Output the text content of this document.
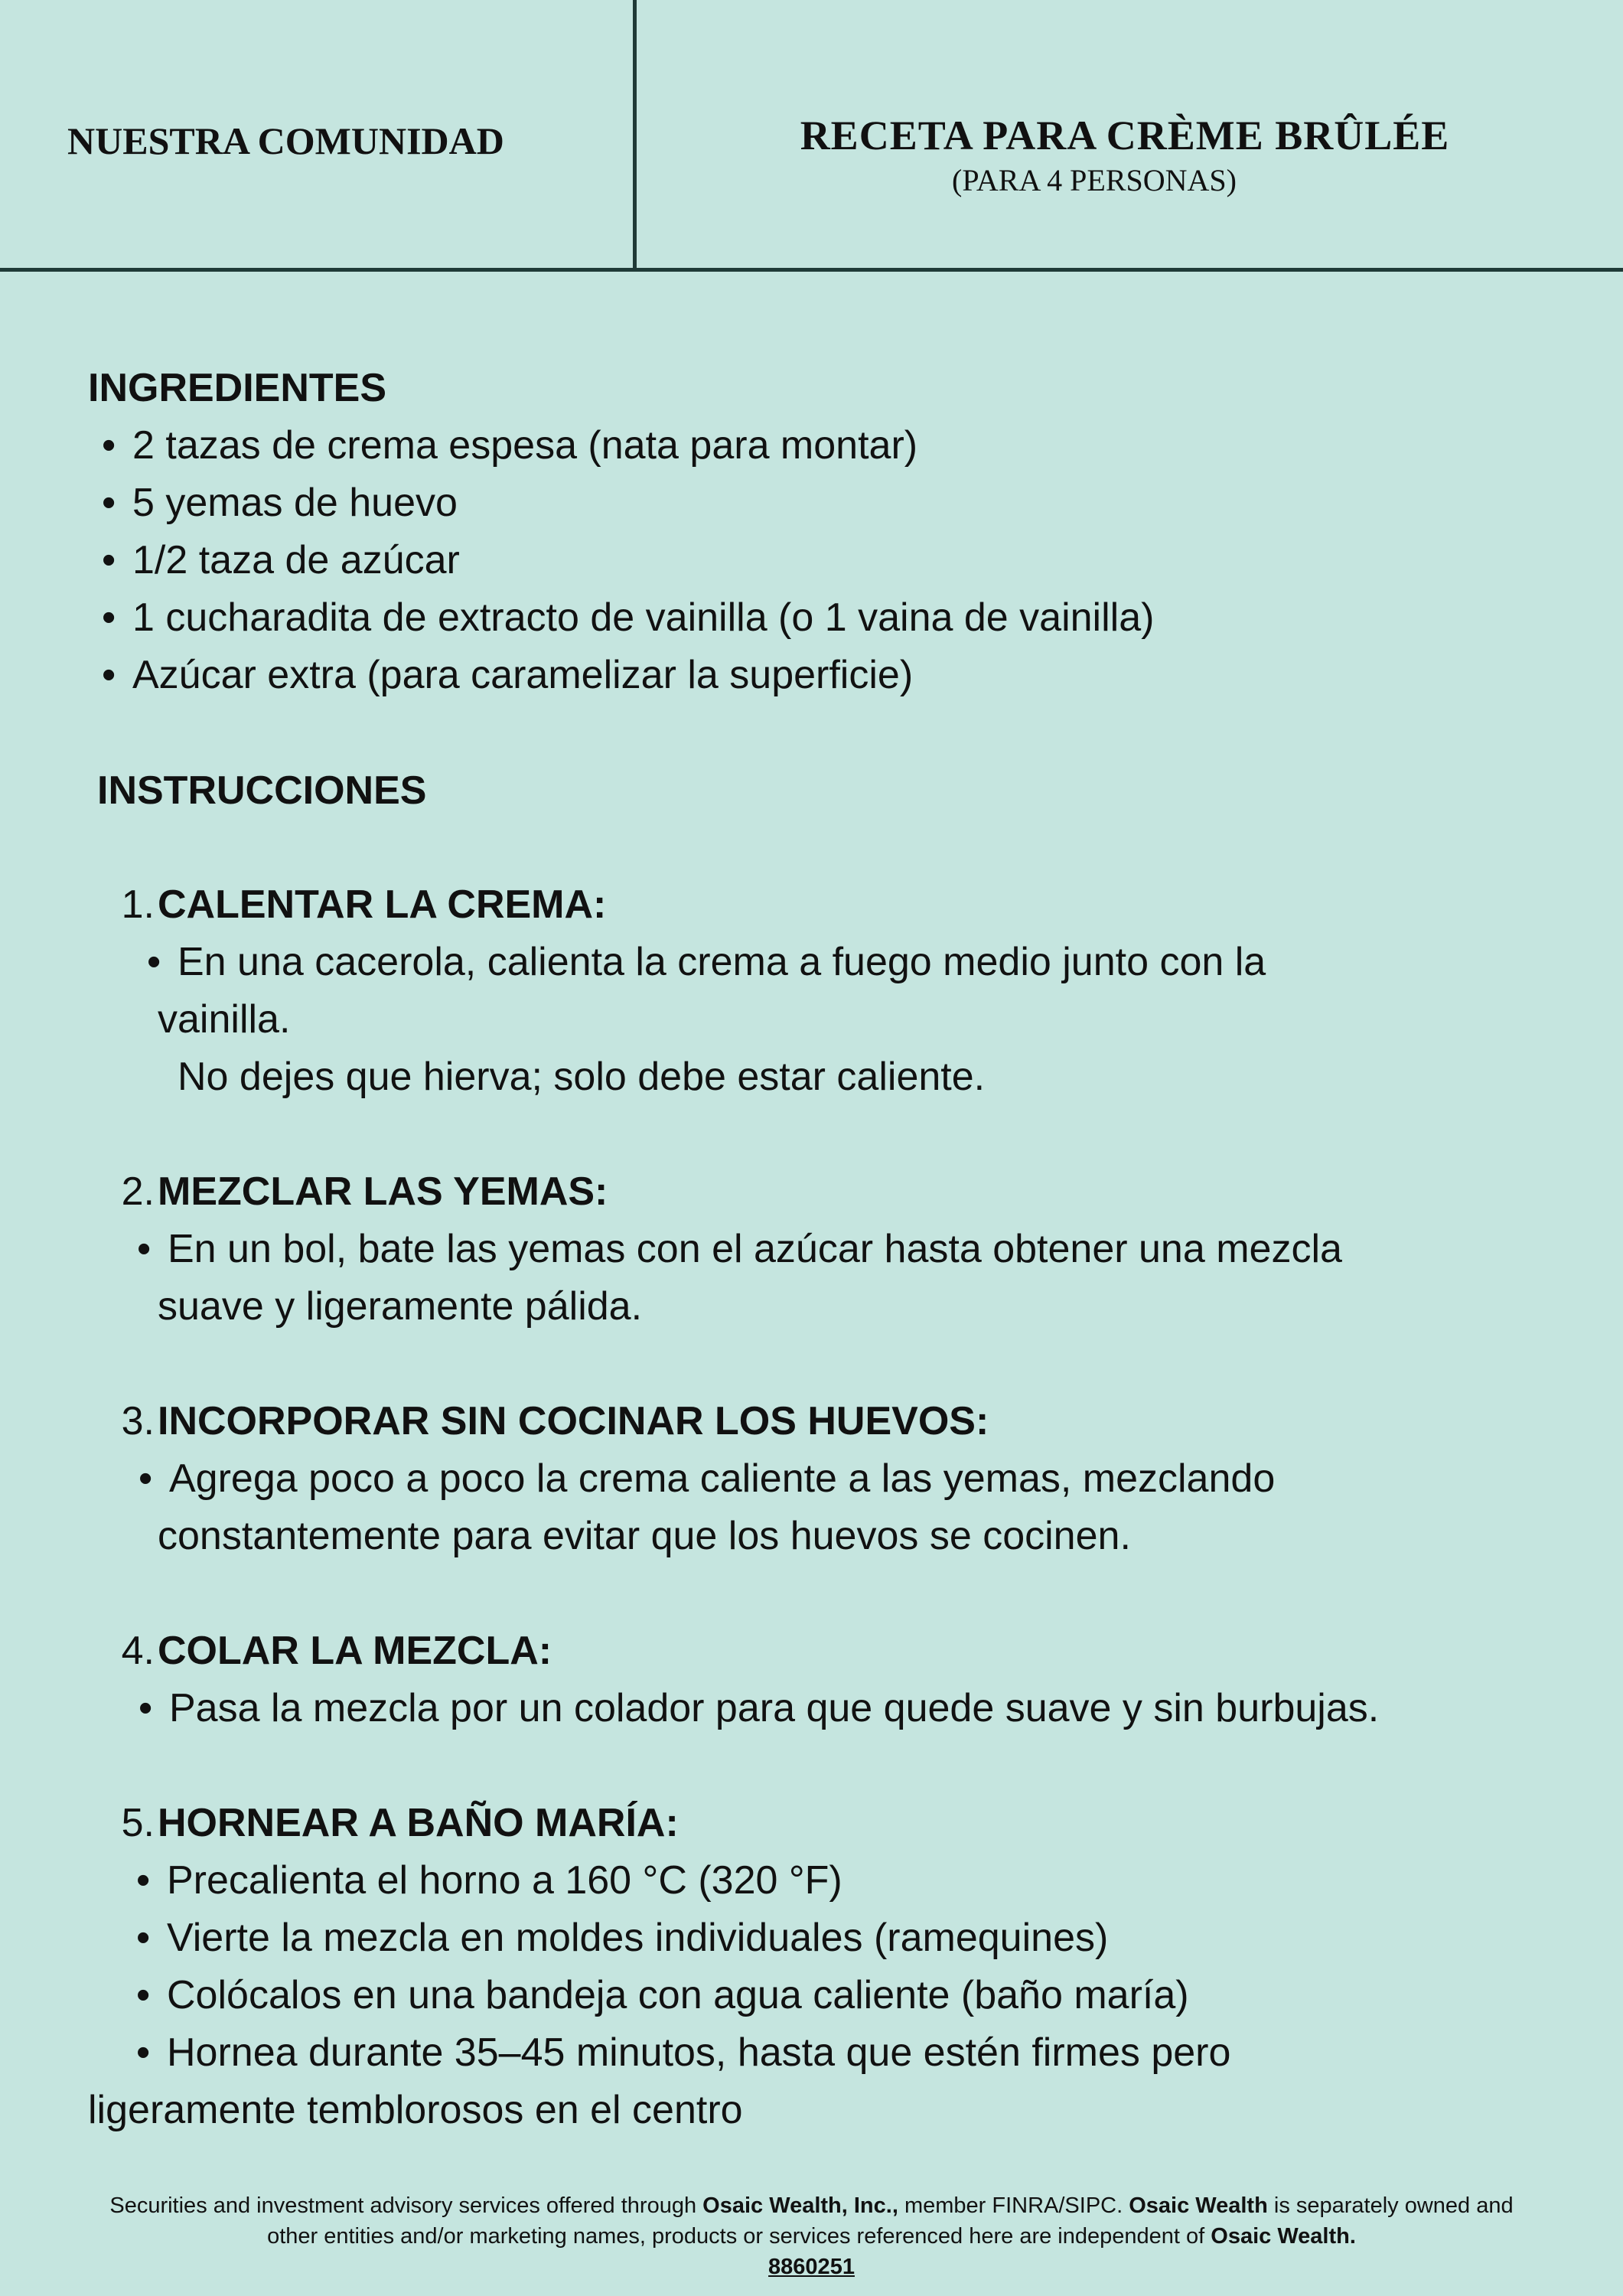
NUESTRA COMUNIDAD	RECETA PARA CRÈME BRÛLÉE
(PARA 4 PERSONAS)
INGREDIENTES
• 2 tazas de crema espesa (nata para montar)
• 5 yemas de huevo
• 1/2 taza de azúcar
• 1 cucharadita de extracto de vainilla (o 1 vaina de vainilla)
• Azúcar extra (para caramelizar la superficie)
INSTRUCCIONES
1. CALENTAR LA CREMA:
• En una cacerola, calienta la crema a fuego medio junto con la
vainilla.
No dejes que hierva; solo debe estar caliente.
2. MEZCLAR LAS YEMAS:
• En un bol, bate las yemas con el azúcar hasta obtener una mezcla
suave y ligeramente pálida.
3. INCORPORAR SIN COCINAR LOS HUEVOS:
• Agrega poco a poco la crema caliente a las yemas, mezclando
constantemente para evitar que los huevos se cocinen.
4. COLAR LA MEZCLA:
• Pasa la mezcla por un colador para que quede suave y sin burbujas.
5. HORNEAR A BAÑO MARÍA:
• Precalienta el horno a 160 °C (320 °F)
• Vierte la mezcla en moldes individuales (ramequines)
• Colócalos en una bandeja con agua caliente (baño maría)
• Hornea durante 35–45 minutos, hasta que estén firmes pero
ligeramente temblorosos en el centro
Securities and investment advisory services offered through Osaic Wealth, Inc., member FINRA/SIPC. Osaic Wealth is separately owned and
other entities and/or marketing names, products or services referenced here are independent of Osaic Wealth.
8860251
